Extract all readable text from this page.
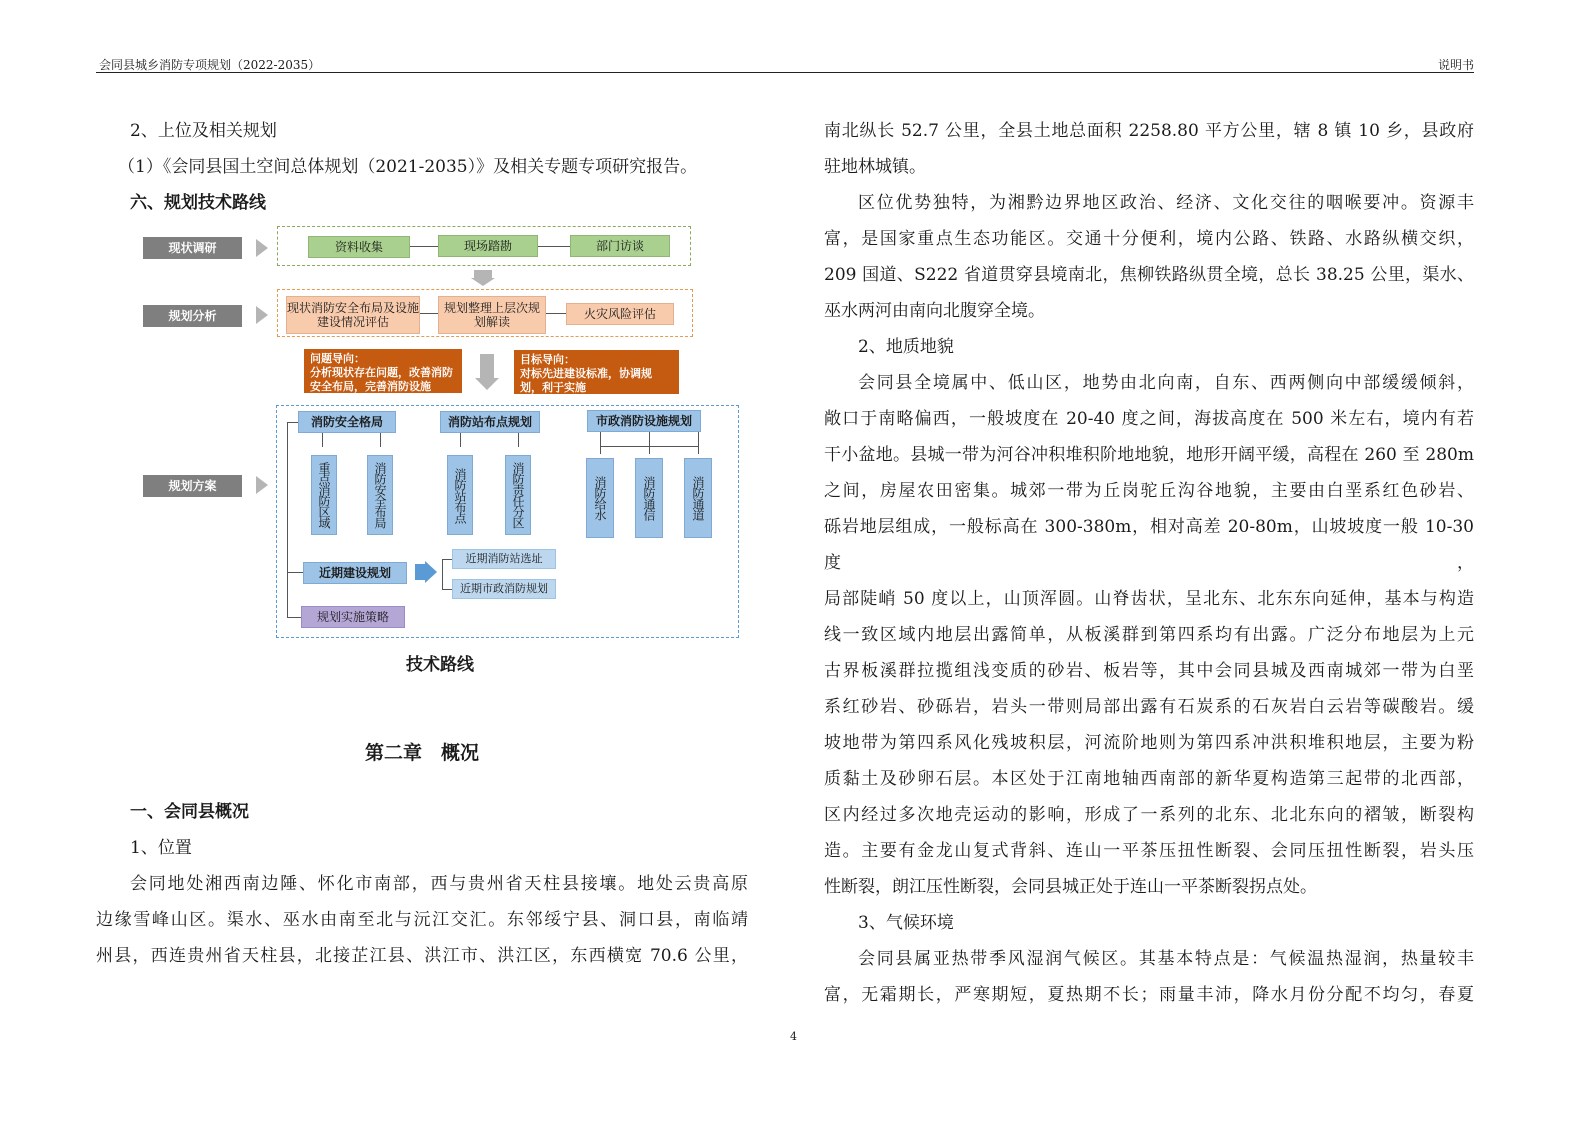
会同县城乡消防专项规划（2022-2035）	说明书

2、上位及相关规划

（1）《会同县国土空间总体规划（2021-2035）》及相关专题专项研究报告。

六、规划技术路线

现状调研
规划分析
规划方案
资料收集	现场踏勘	部门访谈
现状消防安全布局及设施建设情况评估
规划整理上层次规划解读
火灾风险评估
问题导向：
分析现状存在问题，改善消防安全布局，完善消防设施
目标导向：
对标先进建设标准，协调规划，利于实施
消防安全格局
重点消防区域	消防安全布局
消防站布点规划
消防站布点	消防责任分区
市政消防设施规划
消防给水	消防通信	消防通道
近期建设规划
近期消防站选址
近期市政消防规划
规划实施策略
技术路线
第二章　概况

一、会同县概况

1、位置

会同地处湘西南边陲、怀化市南部，西与贵州省天柱县接壤。地处云贵高原

边缘雪峰山区。渠水、巫水由南至北与沅江交汇。东邻绥宁县、洞口县，南临靖

州县，西连贵州省天柱县，北接芷江县、洪江市、洪江区，东西横宽 70.6 公里，

南北纵长 52.7 公里，全县土地总面积 2258.80 平方公里，辖 8 镇 10 乡，县政府

驻地林城镇。

区位优势独特，为湘黔边界地区政治、经济、文化交往的咽喉要冲。资源丰

富，是国家重点生态功能区。交通十分便利，境内公路、铁路、水路纵横交织，

209 国道、S222 省道贯穿县境南北，焦柳铁路纵贯全境，总长 38.25 公里，渠水、

巫水两河由南向北腹穿全境。

2、地质地貌

会同县全境属中、低山区，地势由北向南，自东、西两侧向中部缓缓倾斜，

敞口于南略偏西，一般坡度在 20-40 度之间，海拔高度在 500 米左右，境内有若

干小盆地。县城一带为河谷冲积堆积阶地地貌，地形开阔平缓，高程在 260 至 280m

之间，房屋农田密集。城郊一带为丘岗驼丘沟谷地貌，主要由白垩系红色砂岩、

砾岩地层组成，一般标高在 300-380m，相对高差 20-80m，山坡坡度一般 10-30 度，

局部陡峭 50 度以上，山顶浑圆。山脊齿状，呈北东、北东东向延伸，基本与构造

线一致区域内地层出露简单，从板溪群到第四系均有出露。广泛分布地层为上元

古界板溪群拉揽组浅变质的砂岩、板岩等，其中会同县城及西南城郊一带为白垩

系红砂岩、砂砾岩，岩头一带则局部出露有石炭系的石灰岩白云岩等碳酸岩。缓

坡地带为第四系风化残坡积层，河流阶地则为第四系冲洪积堆积地层，主要为粉

质黏土及砂卵石层。本区处于江南地轴西南部的新华夏构造第三起带的北西部，

区内经过多次地壳运动的影响，形成了一系列的北东、北北东向的褶皱，断裂构

造。主要有金龙山复式背斜、连山一平茶压扭性断裂、会同压扭性断裂，岩头压

性断裂，朗江压性断裂，会同县城正处于连山一平茶断裂拐点处。

3、气候环境

会同县属亚热带季风湿润气候区。其基本特点是：气候温热湿润，热量较丰

富，无霜期长，严寒期短，夏热期不长；雨量丰沛，降水月份分配不均匀，春夏

4
